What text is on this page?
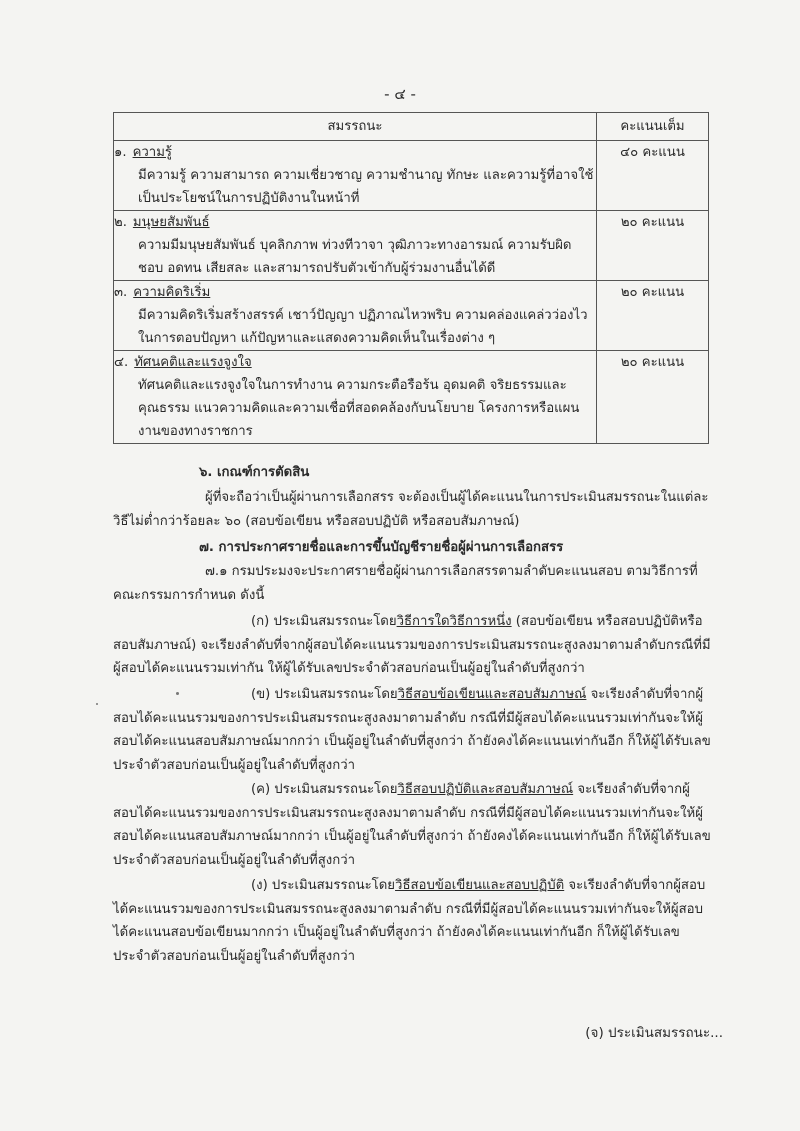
- ๔ -
สมรรถนะ	คะแนนเต็ม

๑. ความรู้
มีความรู้ ความสามารถ ความเชี่ยวชาญ ความชำนาญ ทักษะ และความรู้ที่อาจใช้เป็นประโยชน์ในการปฏิบัติงานในหน้าที่	๔๐ คะแนน

๒. มนุษยสัมพันธ์
ความมีมนุษยสัมพันธ์ บุคลิกภาพ ท่วงทีวาจา วุฒิภาวะทางอารมณ์ ความรับผิดชอบ อดทน เสียสละ และสามารถปรับตัวเข้ากับผู้ร่วมงานอื่นได้ดี	๒๐ คะแนน

๓. ความคิดริเริ่ม
มีความคิดริเริ่มสร้างสรรค์ เชาว์ปัญญา ปฏิภาณไหวพริบ ความคล่องแคล่วว่องไวในการตอบปัญหา แก้ปัญหาและแสดงความคิดเห็นในเรื่องต่าง ๆ	๒๐ คะแนน

๔. ทัศนคติและแรงจูงใจ
ทัศนคติและแรงจูงใจในการทำงาน ความกระตือรือร้น อุดมคติ จริยธรรมและคุณธรรม แนวความคิดและความเชื่อที่สอดคล้องกับนโยบาย โครงการหรือแผนงานของทางราชการ	๒๐ คะแนน
๖. เกณฑ์การตัดสิน
ผู้ที่จะถือว่าเป็นผู้ผ่านการเลือกสรร จะต้องเป็นผู้ได้คะแนนในการประเมินสมรรถนะในแต่ละวิธีไม่ต่ำกว่าร้อยละ ๖๐ (สอบข้อเขียน หรือสอบปฏิบัติ หรือสอบสัมภาษณ์)
๗. การประกาศรายชื่อและการขึ้นบัญชีรายชื่อผู้ผ่านการเลือกสรร
๗.๑ กรมประมงจะประกาศรายชื่อผู้ผ่านการเลือกสรรตามลำดับคะแนนสอบ ตามวิธีการที่คณะกรรมการกำหนด ดังนี้
(ก) ประเมินสมรรถนะโดยวิธีการใดวิธีการหนึ่ง (สอบข้อเขียน หรือสอบปฏิบัติหรือสอบสัมภาษณ์) จะเรียงลำดับที่จากผู้สอบได้คะแนนรวมของการประเมินสมรรถนะสูงลงมาตามลำดับกรณีที่มีผู้สอบได้คะแนนรวมเท่ากัน ให้ผู้ได้รับเลขประจำตัวสอบก่อนเป็นผู้อยู่ในลำดับที่สูงกว่า
(ข) ประเมินสมรรถนะโดยวิธีสอบข้อเขียนและสอบสัมภาษณ์ จะเรียงลำดับที่จากผู้สอบได้คะแนนรวมของการประเมินสมรรถนะสูงลงมาตามลำดับ กรณีที่มีผู้สอบได้คะแนนรวมเท่ากันจะให้ผู้สอบได้คะแนนสอบสัมภาษณ์มากกว่า เป็นผู้อยู่ในลำดับที่สูงกว่า ถ้ายังคงได้คะแนนเท่ากันอีก ก็ให้ผู้ได้รับเลขประจำตัวสอบก่อนเป็นผู้อยู่ในลำดับที่สูงกว่า
(ค) ประเมินสมรรถนะโดยวิธีสอบปฏิบัติและสอบสัมภาษณ์ จะเรียงลำดับที่จากผู้สอบได้คะแนนรวมของการประเมินสมรรถนะสูงลงมาตามลำดับ กรณีที่มีผู้สอบได้คะแนนรวมเท่ากันจะให้ผู้สอบได้คะแนนสอบสัมภาษณ์มากกว่า เป็นผู้อยู่ในลำดับที่สูงกว่า ถ้ายังคงได้คะแนนเท่ากันอีก ก็ให้ผู้ได้รับเลขประจำตัวสอบก่อนเป็นผู้อยู่ในลำดับที่สูงกว่า
(ง) ประเมินสมรรถนะโดยวิธีสอบข้อเขียนและสอบปฏิบัติ จะเรียงลำดับที่จากผู้สอบได้คะแนนรวมของการประเมินสมรรถนะสูงลงมาตามลำดับ กรณีที่มีผู้สอบได้คะแนนรวมเท่ากันจะให้ผู้สอบได้คะแนนสอบข้อเขียนมากกว่า เป็นผู้อยู่ในลำดับที่สูงกว่า ถ้ายังคงได้คะแนนเท่ากันอีก ก็ให้ผู้ได้รับเลขประจำตัวสอบก่อนเป็นผู้อยู่ในลำดับที่สูงกว่า
(จ) ประเมินสมรรถนะ...
